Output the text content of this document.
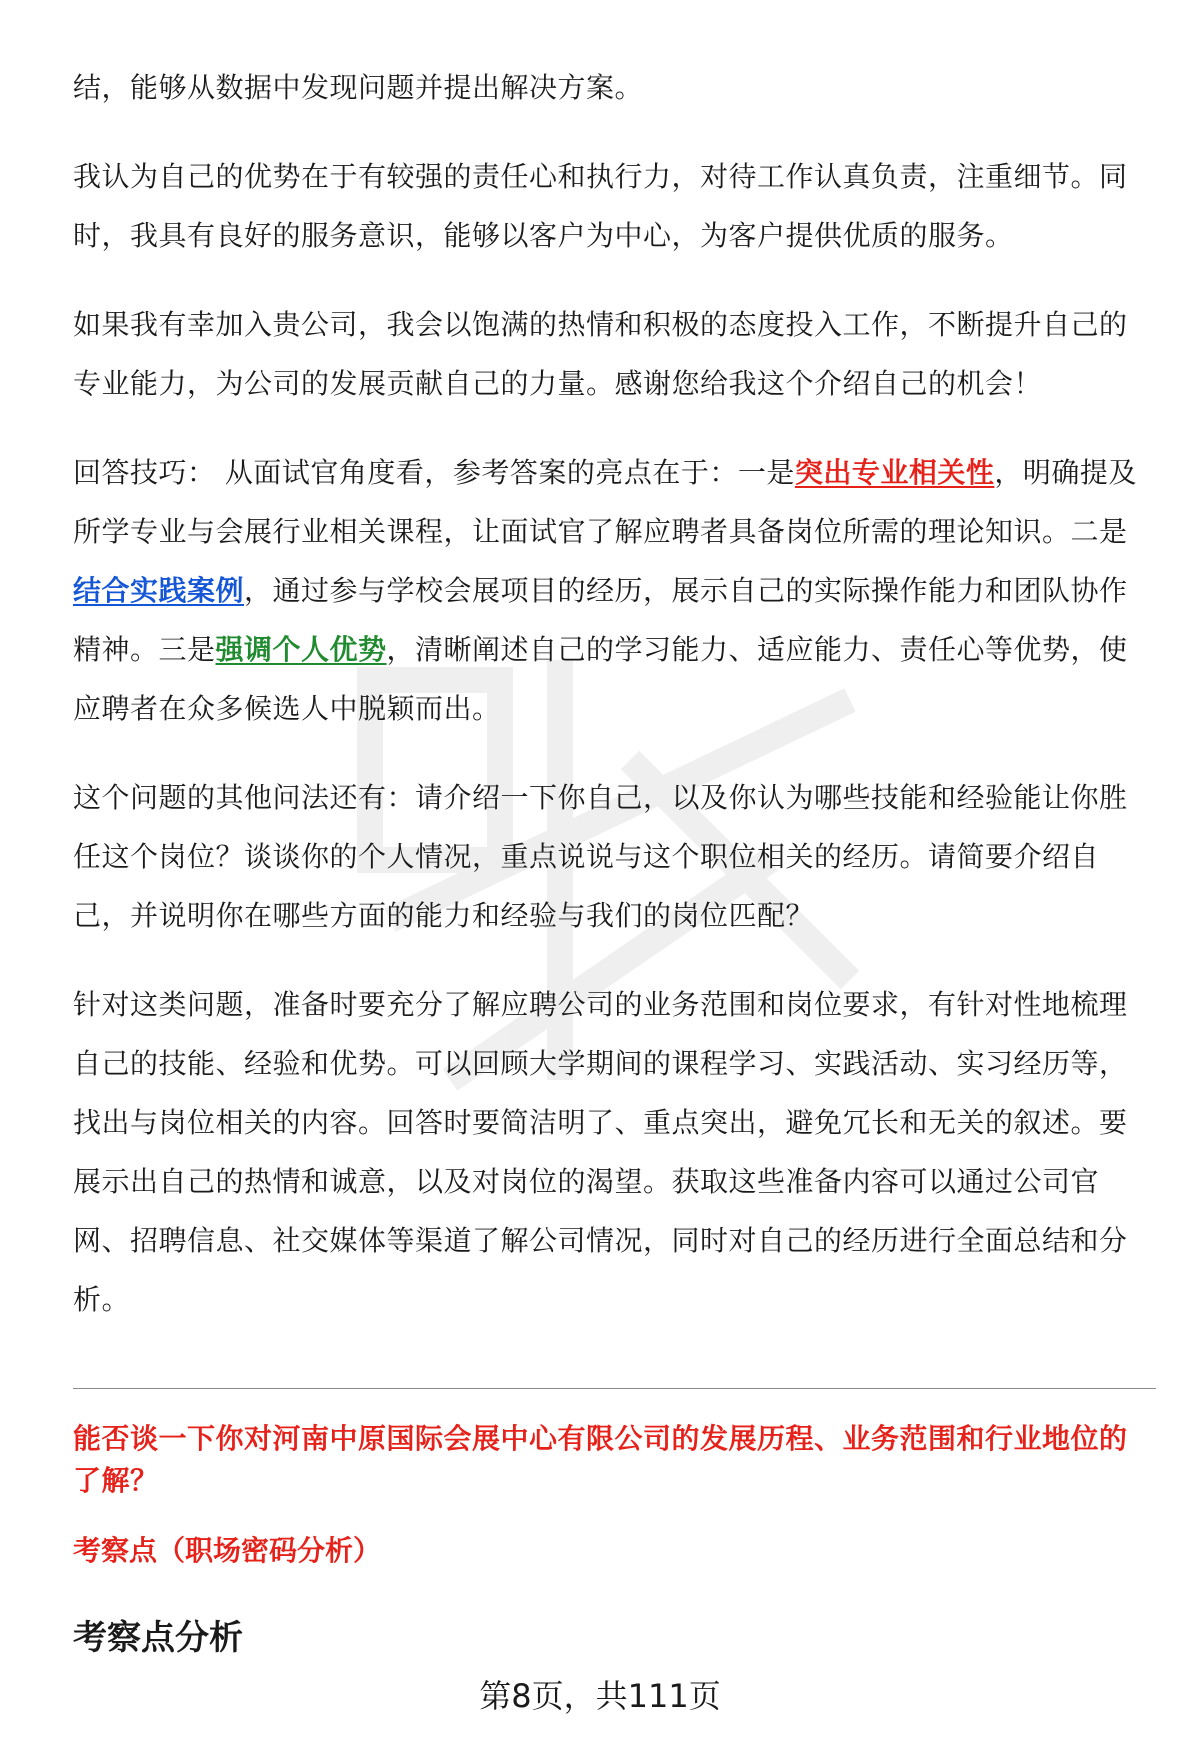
结，能够从数据中发现问题并提出解决方案。

我认为自己的优势在于有较强的责任心和执行力，对待工作认真负责，注重细节。同时，我具有良好的服务意识，能够以客户为中心，为客户提供优质的服务。

如果我有幸加入贵公司，我会以饱满的热情和积极的态度投入工作，不断提升自己的专业能力，为公司的发展贡献自己的力量。感谢您给我这个介绍自己的机会！

回答技巧： 从面试官角度看，参考答案的亮点在于：一是突出专业相关性，明确提及所学专业与会展行业相关课程，让面试官了解应聘者具备岗位所需的理论知识。二是结合实践案例，通过参与学校会展项目的经历，展示自己的实际操作能力和团队协作精神。三是强调个人优势，清晰阐述自己的学习能力、适应能力、责任心等优势，使应聘者在众多候选人中脱颖而出。

这个问题的其他问法还有：请介绍一下你自己，以及你认为哪些技能和经验能让你胜任这个岗位？谈谈你的个人情况，重点说说与这个职位相关的经历。请简要介绍自己，并说明你在哪些方面的能力和经验与我们的岗位匹配？

针对这类问题，准备时要充分了解应聘公司的业务范围和岗位要求，有针对性地梳理自己的技能、经验和优势。可以回顾大学期间的课程学习、实践活动、实习经历等，找出与岗位相关的内容。回答时要简洁明了、重点突出，避免冗长和无关的叙述。要展示出自己的热情和诚意，以及对岗位的渴望。获取这些准备内容可以通过公司官网、招聘信息、社交媒体等渠道了解公司情况，同时对自己的经历进行全面总结和分析。

能否谈一下你对河南中原国际会展中心有限公司的发展历程、业务范围和行业地位的了解？
考察点（职场密码分析）
考察点分析
第8页，共111页
